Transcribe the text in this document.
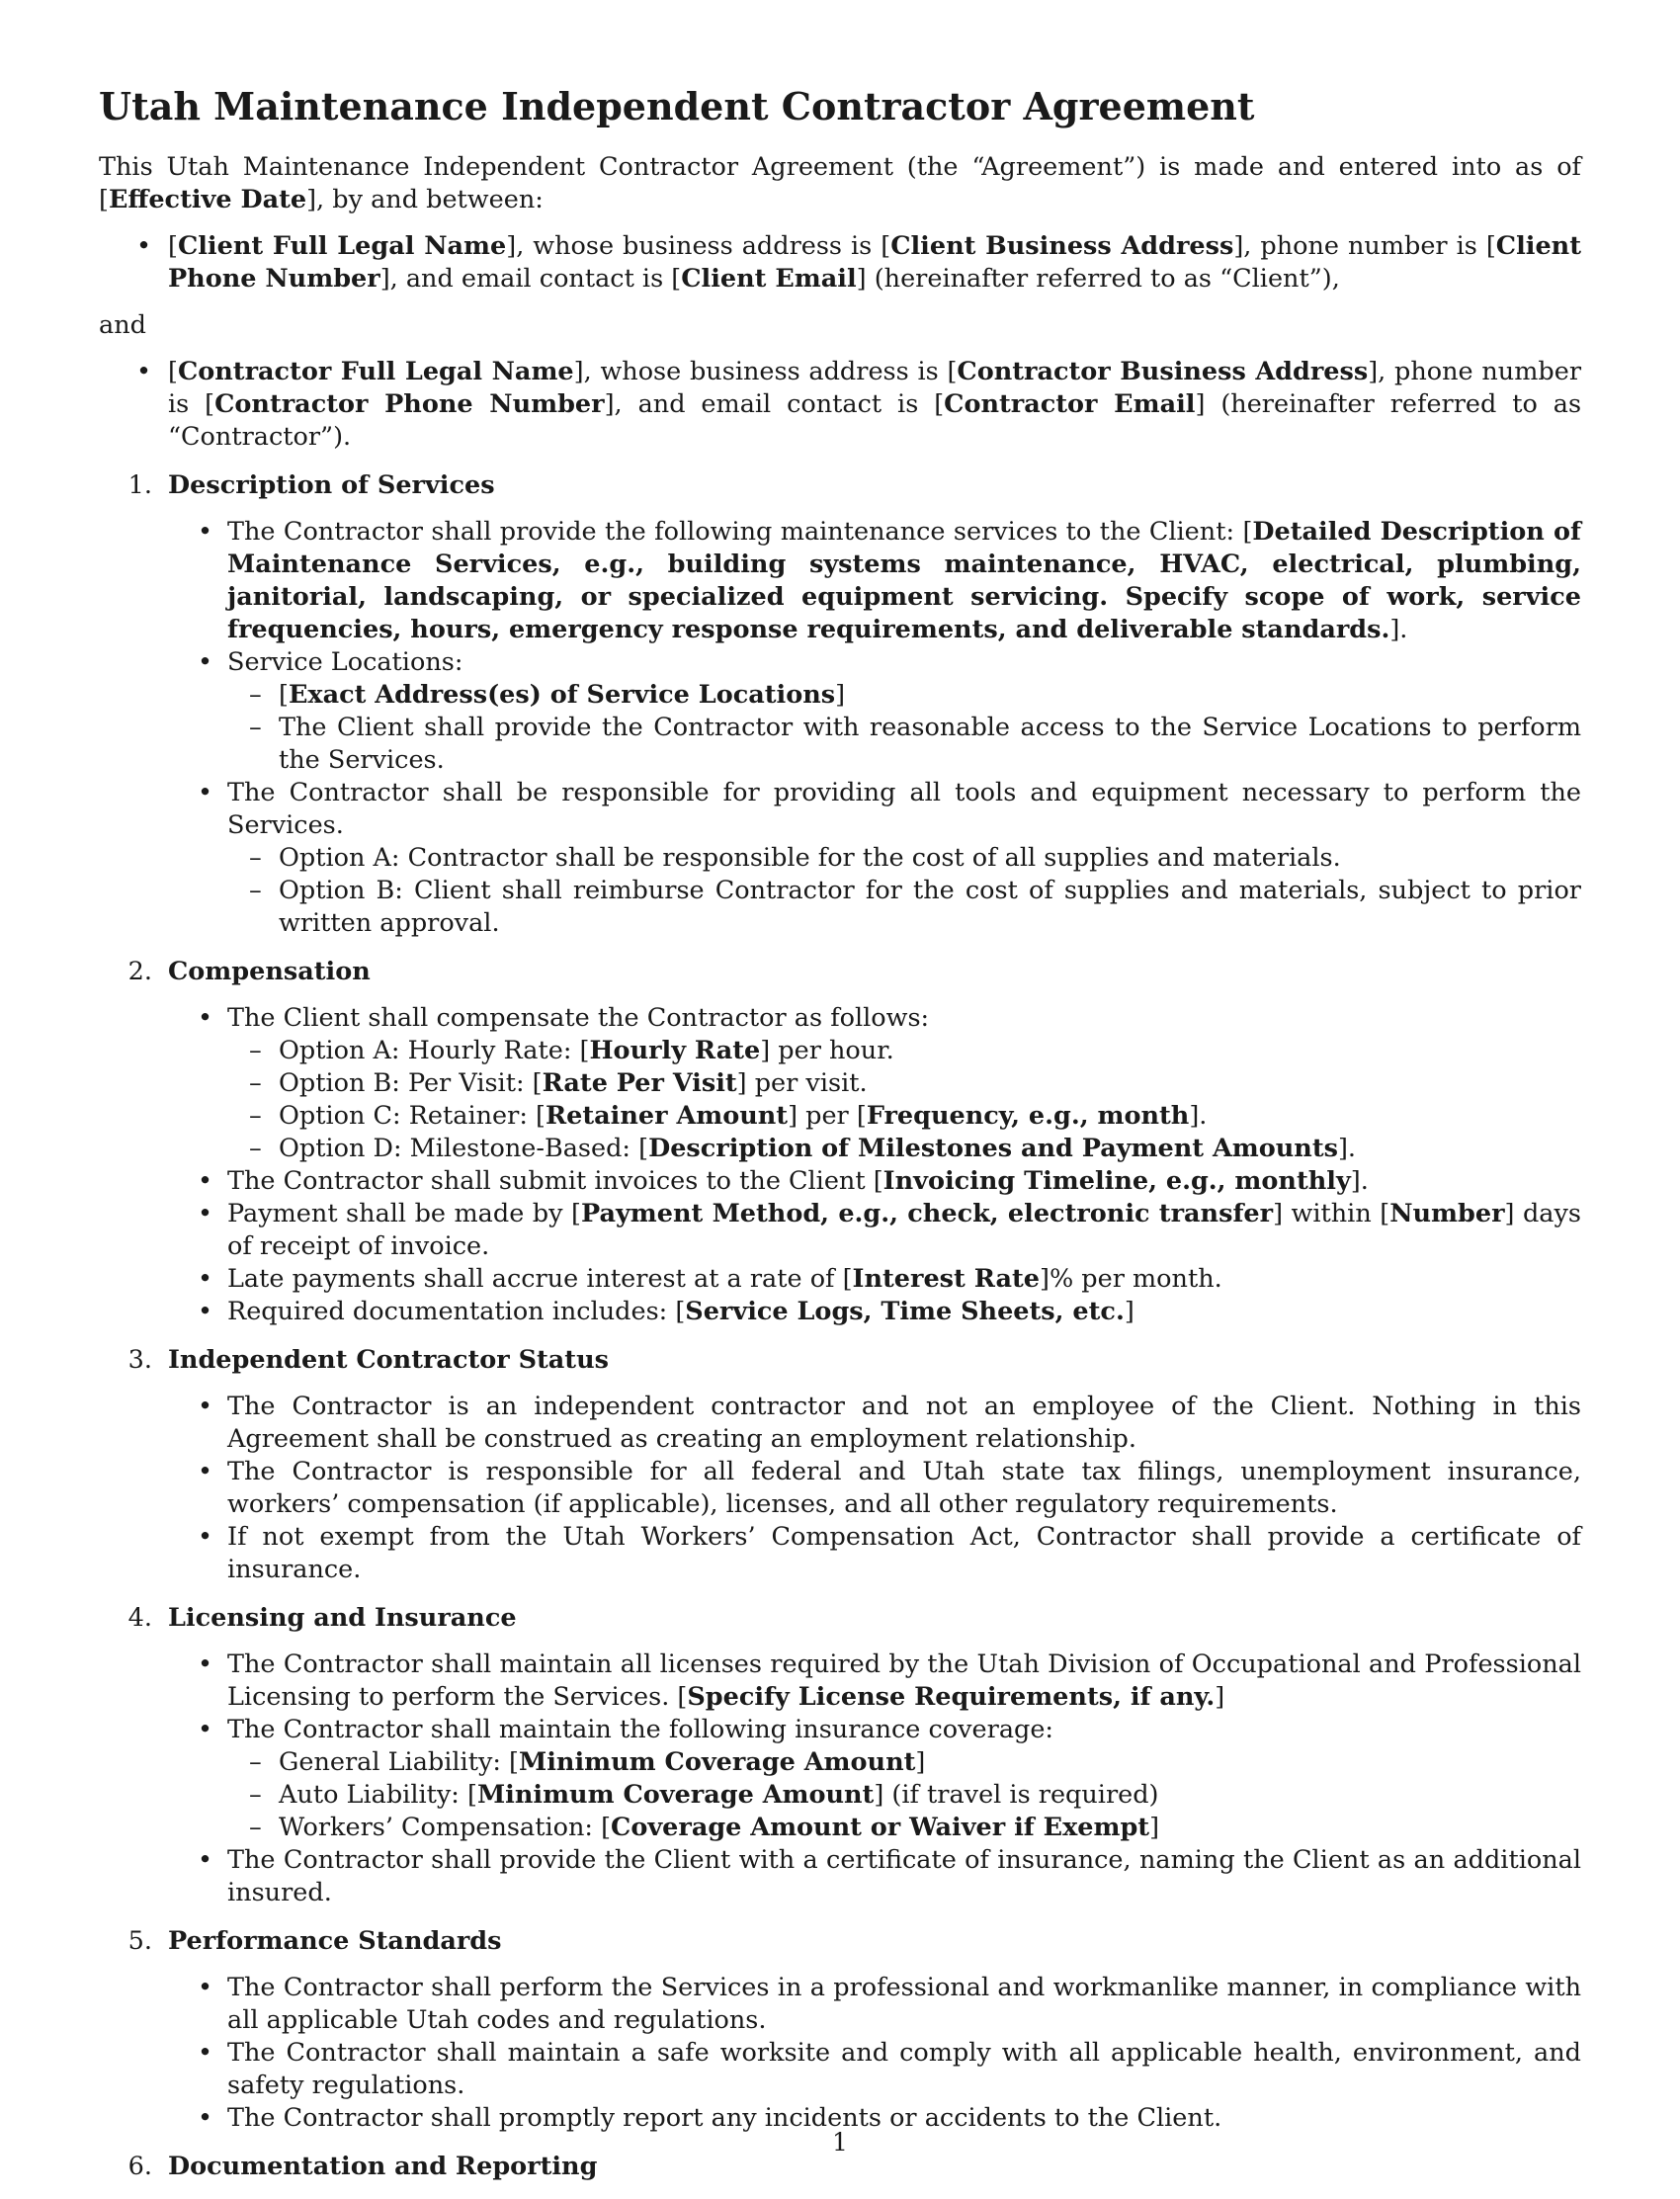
Utah Maintenance Independent Contractor Agreement

This Utah Maintenance Independent Contractor Agreement (the “Agreement”) is made and entered into as of [Effective Date], by and between:

• [Client Full Legal Name], whose business address is [Client Business Address], phone number is [Client Phone Number], and email contact is [Client Email] (hereinafter referred to as “Client”),

and

• [Contractor Full Legal Name], whose business address is [Contractor Business Address], phone number is [Contractor Phone Number], and email contact is [Contractor Email] (hereinafter referred to as “Contractor”).
1. Description of Services
• The Contractor shall provide the following maintenance services to the Client: [Detailed Description of Maintenance Services, e.g., building systems maintenance, HVAC, electrical, plumbing, janitorial, landscaping, or specialized equipment servicing. Specify scope of work, service frequencies, hours, emergency response requirements, and deliverable standards.].
• Service Locations:
– [Exact Address(es) of Service Locations]
– The Client shall provide the Contractor with reasonable access to the Service Locations to perform the Services.
• The Contractor shall be responsible for providing all tools and equipment necessary to perform the Services.
– Option A: Contractor shall be responsible for the cost of all supplies and materials.
– Option B: Client shall reimburse Contractor for the cost of supplies and materials, subject to prior written approval.
2. Compensation
• The Client shall compensate the Contractor as follows:
– Option A: Hourly Rate: [Hourly Rate] per hour.
– Option B: Per Visit: [Rate Per Visit] per visit.
– Option C: Retainer: [Retainer Amount] per [Frequency, e.g., month].
– Option D: Milestone-Based: [Description of Milestones and Payment Amounts].
• The Contractor shall submit invoices to the Client [Invoicing Timeline, e.g., monthly].
• Payment shall be made by [Payment Method, e.g., check, electronic transfer] within [Number] days of receipt of invoice.
• Late payments shall accrue interest at a rate of [Interest Rate]% per month.
• Required documentation includes: [Service Logs, Time Sheets, etc.]
3. Independent Contractor Status
• The Contractor is an independent contractor and not an employee of the Client. Nothing in this Agreement shall be construed as creating an employment relationship.
• The Contractor is responsible for all federal and Utah state tax filings, unemployment insurance, workers’ compensation (if applicable), licenses, and all other regulatory requirements.
• If not exempt from the Utah Workers’ Compensation Act, Contractor shall provide a certificate of insurance.
4. Licensing and Insurance
• The Contractor shall maintain all licenses required by the Utah Division of Occupational and Professional Licensing to perform the Services. [Specify License Requirements, if any.]
• The Contractor shall maintain the following insurance coverage:
– General Liability: [Minimum Coverage Amount]
– Auto Liability: [Minimum Coverage Amount] (if travel is required)
– Workers’ Compensation: [Coverage Amount or Waiver if Exempt]
• The Contractor shall provide the Client with a certificate of insurance, naming the Client as an additional insured.
5. Performance Standards
• The Contractor shall perform the Services in a professional and workmanlike manner, in compliance with all applicable Utah codes and regulations.
• The Contractor shall maintain a safe worksite and comply with all applicable health, environment, and safety regulations.
• The Contractor shall promptly report any incidents or accidents to the Client.
6. Documentation and Reporting
1
